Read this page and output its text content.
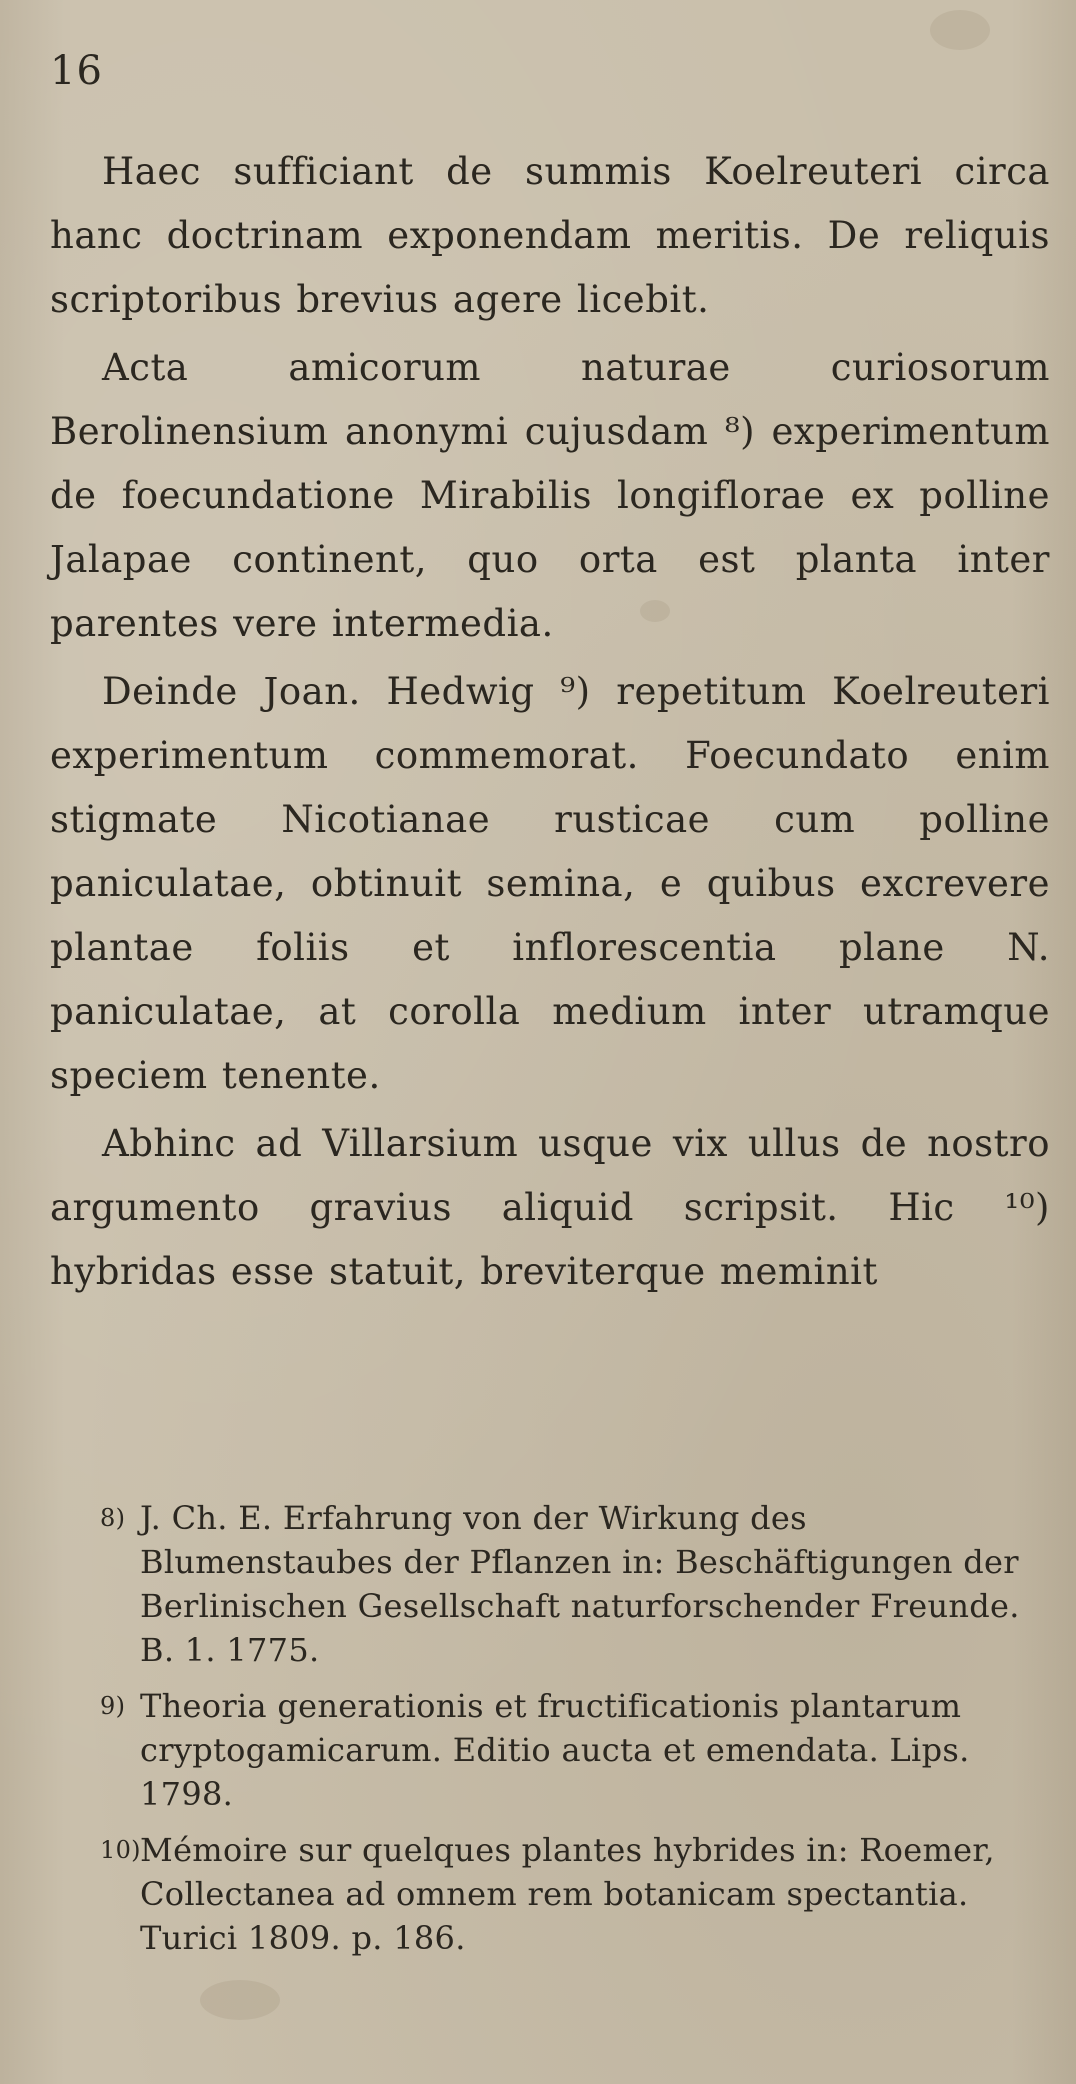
16

Haec sufficiant de summis Koelreuteri circa hanc doctrinam exponendam meritis. De reliquis scriptoribus brevius agere licebit.

Acta amicorum naturae curiosorum Berolinensium anonymi cujusdam ⁸) experimentum de foecundatione Mirabilis longiflorae ex polline Jalapae continent, quo orta est planta inter parentes vere intermedia.

Deinde Joan. Hedwig ⁹) repetitum Koelreuteri experimentum commemorat. Foecundato enim stigmate Nicotianae rusticae cum polline paniculatae, obtinuit semina, e quibus excrevere plantae foliis et inflorescentia plane N. paniculatae, at corolla medium inter utramque speciem tenente.

Abhinc ad Villarsium usque vix ullus de nostro argumento gravius aliquid scripsit. Hic ¹⁰) hybridas esse statuit, breviterque meminit

8) J. Ch. E. Erfahrung von der Wirkung des Blumenstaubes der Pflanzen in: Beschäftigungen der Berlinischen Gesellschaft naturforschender Freunde. B. 1. 1775.

9) Theoria generationis et fructificationis plantarum cryptogamicarum. Editio aucta et emendata. Lips. 1798.

10)Mémoire sur quelques plantes hybrides in: Roemer, Collectanea ad omnem rem botanicam spectantia. Turici 1809. p. 186.
